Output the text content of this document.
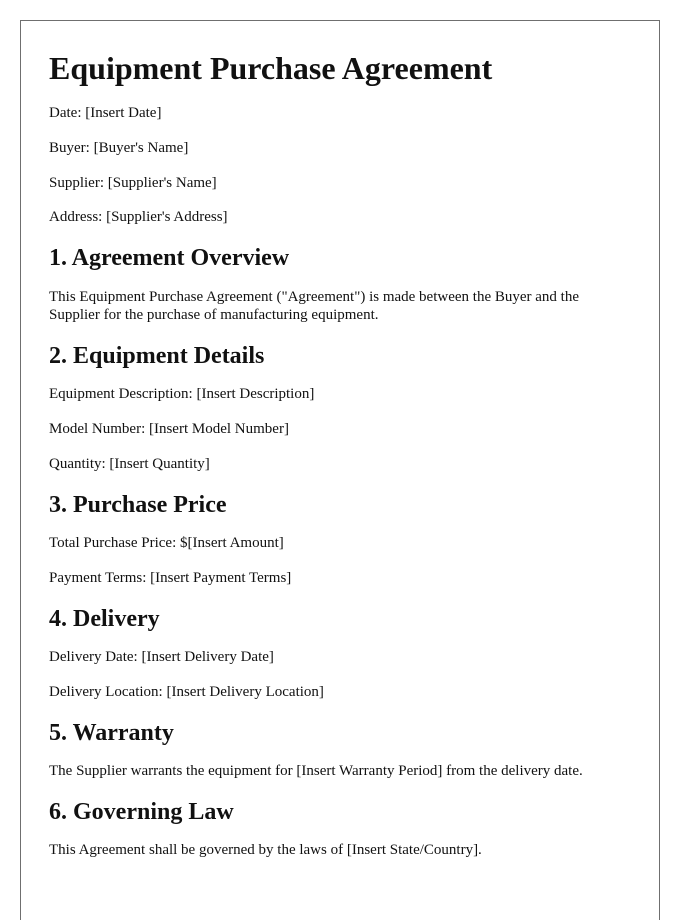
Equipment Purchase Agreement

Date: [Insert Date]

Buyer: [Buyer's Name]

Supplier: [Supplier's Name]

Address: [Supplier's Address]

1. Agreement Overview

This Equipment Purchase Agreement ("Agreement") is made between the Buyer and the Supplier for the purchase of manufacturing equipment.

2. Equipment Details

Equipment Description: [Insert Description]

Model Number: [Insert Model Number]

Quantity: [Insert Quantity]

3. Purchase Price

Total Purchase Price: $[Insert Amount]

Payment Terms: [Insert Payment Terms]

4. Delivery

Delivery Date: [Insert Delivery Date]

Delivery Location: [Insert Delivery Location]

5. Warranty

The Supplier warrants the equipment for [Insert Warranty Period] from the delivery date.

6. Governing Law

This Agreement shall be governed by the laws of [Insert State/Country].
